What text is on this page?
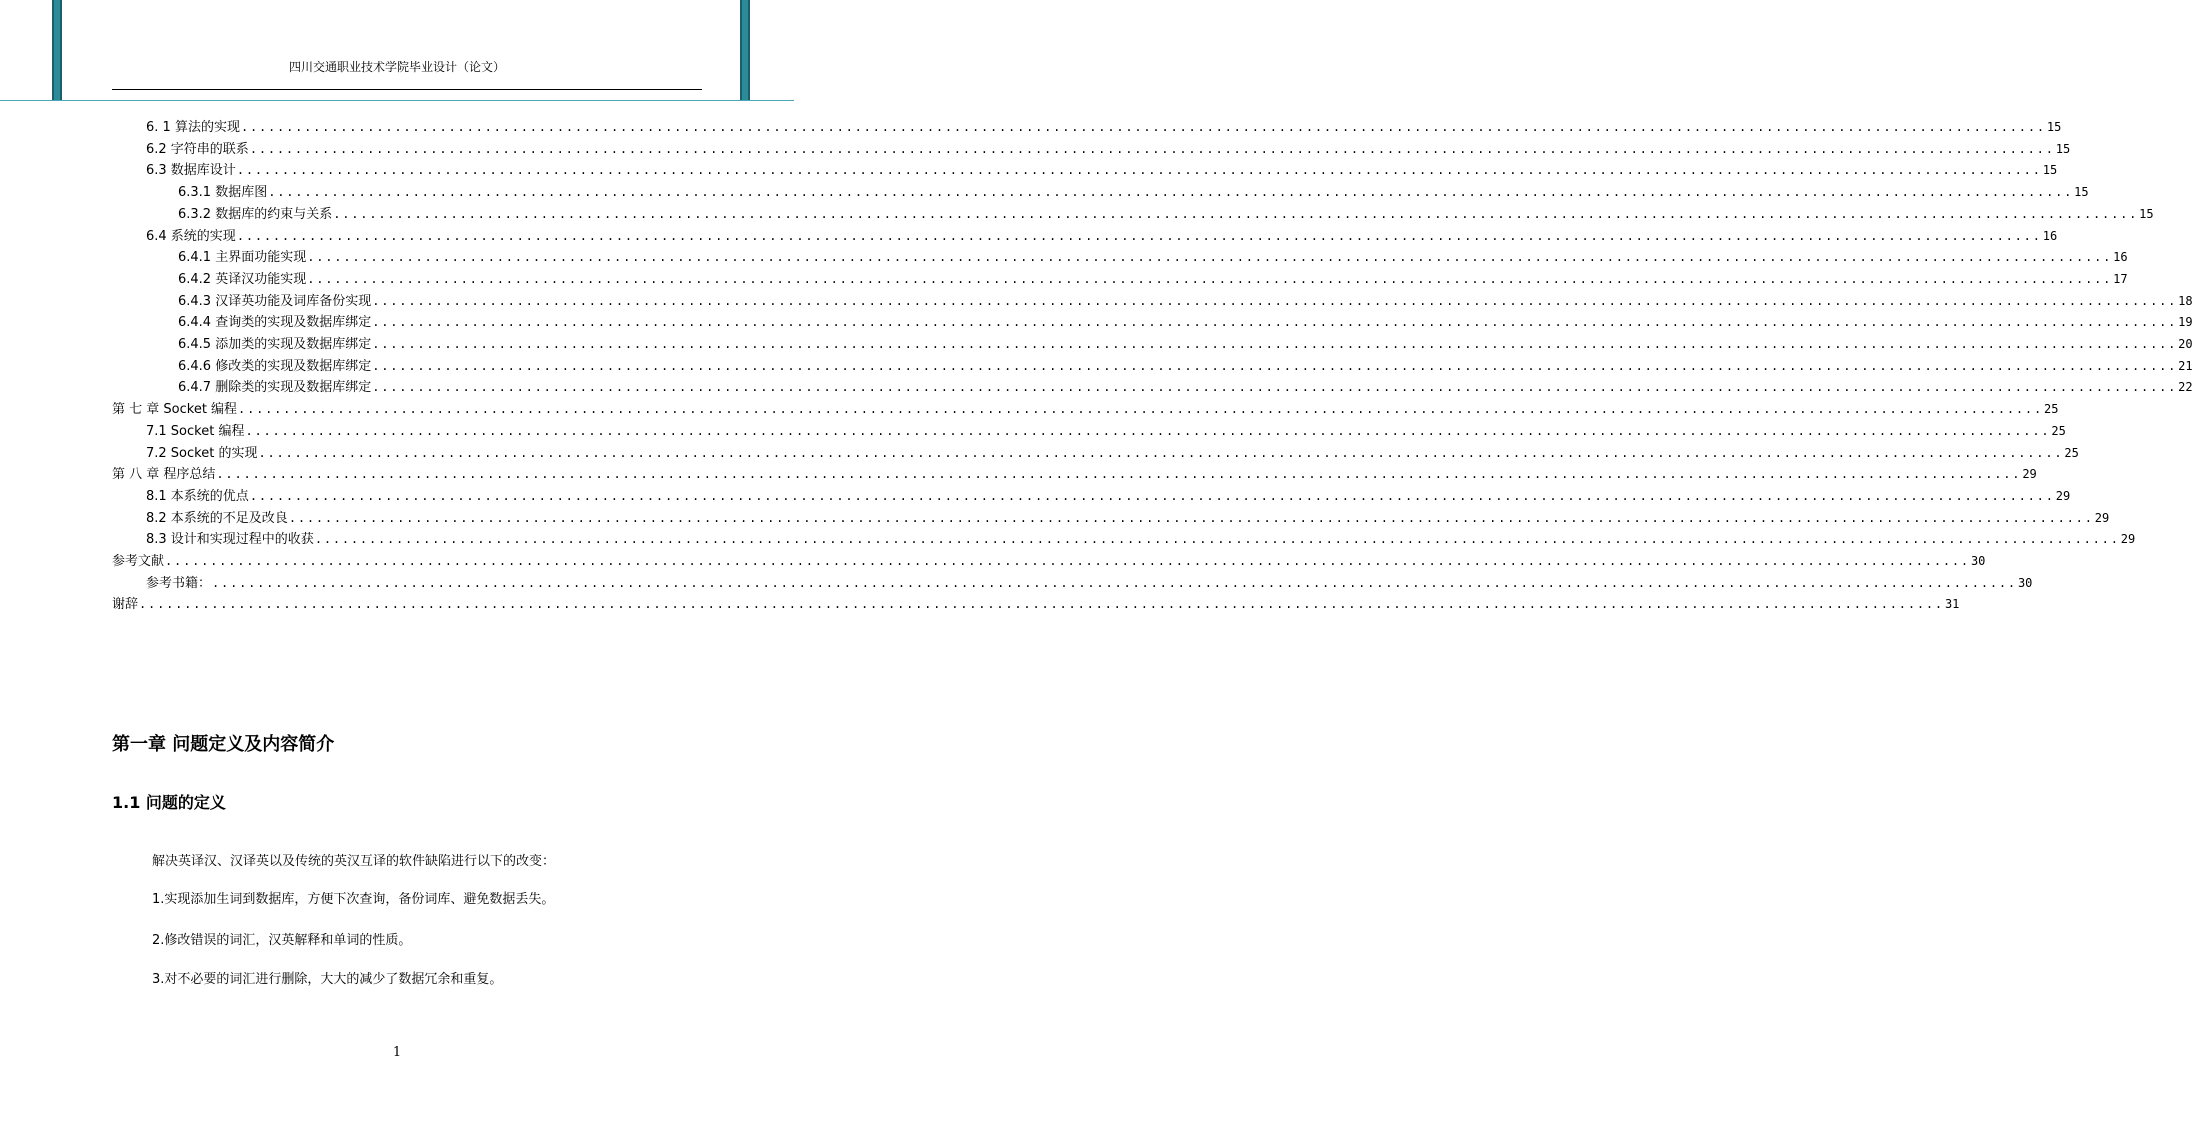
四川交通职业技术学院毕业设计（论文）
6. 1 算法的实现 ........................................................................................................................................................................................................ 15
6.2 字符串的联系 ........................................................................................................................................................................................................ 15
6.3 数据库设计 ........................................................................................................................................................................................................ 15
6.3.1 数据库图 ........................................................................................................................................................................................................ 15
6.3.2 数据库的约束与关系 ........................................................................................................................................................................................................ 15
6.4 系统的实现 ........................................................................................................................................................................................................ 16
6.4.1 主界面功能实现 ........................................................................................................................................................................................................ 16
6.4.2 英译汉功能实现 ........................................................................................................................................................................................................ 17
6.4.3 汉译英功能及词库备份实现 ........................................................................................................................................................................................................ 18
6.4.4 查询类的实现及数据库绑定 ........................................................................................................................................................................................................ 19
6.4.5 添加类的实现及数据库绑定 ........................................................................................................................................................................................................ 20
6.4.6 修改类的实现及数据库绑定 ........................................................................................................................................................................................................ 21
6.4.7 删除类的实现及数据库绑定 ........................................................................................................................................................................................................ 22
第 七 章 Socket 编程 ........................................................................................................................................................................................................ 25
7.1 Socket 编程 ........................................................................................................................................................................................................ 25
7.2 Socket 的实现 ........................................................................................................................................................................................................ 25
第 八 章 程序总结 ........................................................................................................................................................................................................ 29
8.1 本系统的优点 ........................................................................................................................................................................................................ 29
8.2 本系统的不足及改良 ........................................................................................................................................................................................................ 29
8.3 设计和实现过程中的收获 ........................................................................................................................................................................................................ 29
参考文献 ........................................................................................................................................................................................................ 30
参考书籍： ........................................................................................................................................................................................................ 30
谢辞 ........................................................................................................................................................................................................ 31
第一章 问题定义及内容简介
1.1 问题的定义
解决英译汉、汉译英以及传统的英汉互译的软件缺陷进行以下的改变：
1.实现添加生词到数据库，方便下次查询，备份词库、避免数据丢失。
2.修改错误的词汇，汉英解释和单词的性质。
3.对不必要的词汇进行删除，大大的减少了数据冗余和重复。
1
